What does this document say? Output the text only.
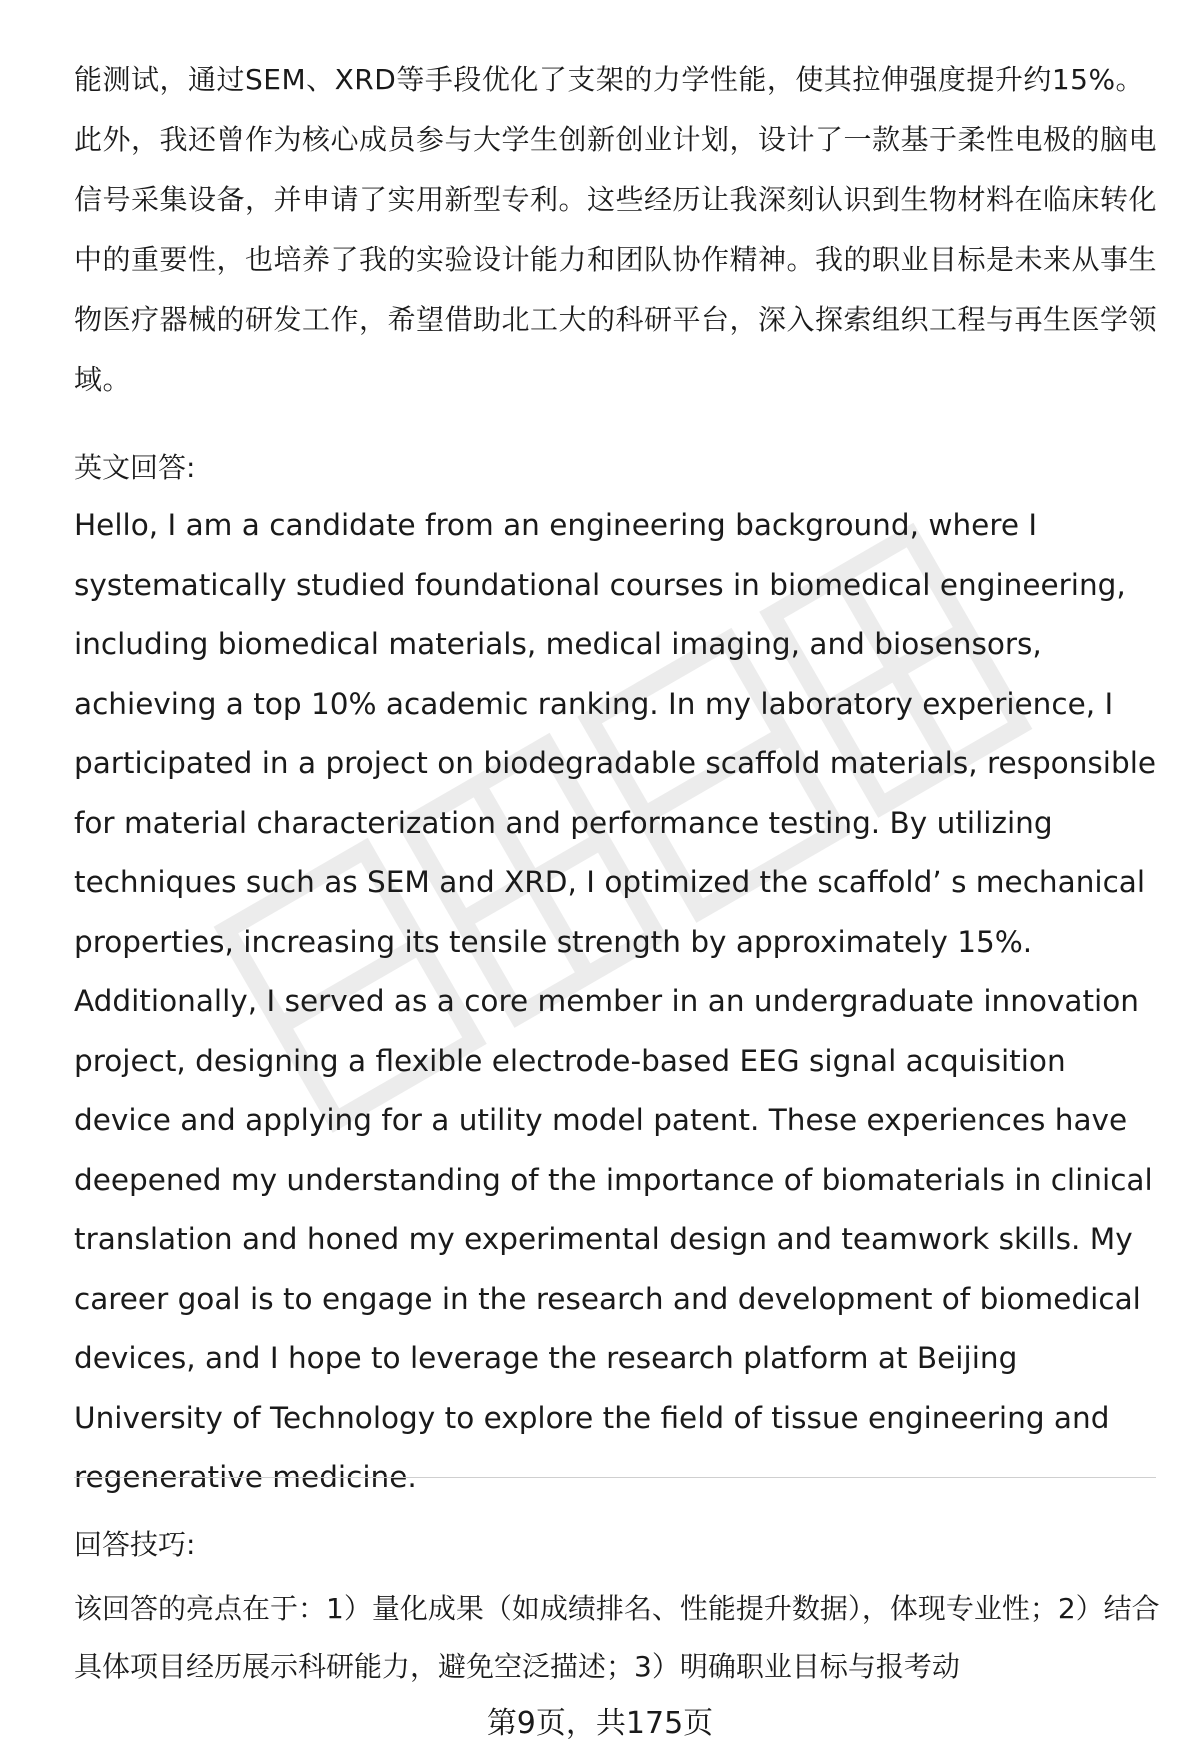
能测试，通过SEM、XRD等手段优化了支架的力学性能，使其拉伸强度提升约15%。此外，我还曾作为核心成员参与大学生创新创业计划，设计了一款基于柔性电极的脑电信号采集设备，并申请了实用新型专利。这些经历让我深刻认识到生物材料在临床转化中的重要性，也培养了我的实验设计能力和团队协作精神。我的职业目标是未来从事生物医疗器械的研发工作，希望借助北工大的科研平台，深入探索组织工程与再生医学领域。

英文回答:

Hello, I am a candidate from an engineering background, where I systematically studied foundational courses in biomedical engineering, including biomedical materials, medical imaging, and biosensors, achieving a top 10% academic ranking. In my laboratory experience, I participated in a project on biodegradable scaffold materials, responsible for material characterization and performance testing. By utilizing techniques such as SEM and XRD, I optimized the scaffold’ s mechanical properties, increasing its tensile strength by approximately 15%. Additionally, I served as a core member in an undergraduate innovation project, designing a flexible electrode-based EEG signal acquisition device and applying for a utility model patent. These experiences have deepened my understanding of the importance of biomaterials in clinical translation and honed my experimental design and teamwork skills. My career goal is to engage in the research and development of biomedical devices, and I hope to leverage the research platform at Beijing University of Technology to explore the field of tissue engineering and regenerative medicine.

回答技巧:

该回答的亮点在于：1）量化成果（如成绩排名、性能提升数据），体现专业性；2）结合具体项目经历展示科研能力，避免空泛描述；3）明确职业目标与报考动

第9页，共175页
